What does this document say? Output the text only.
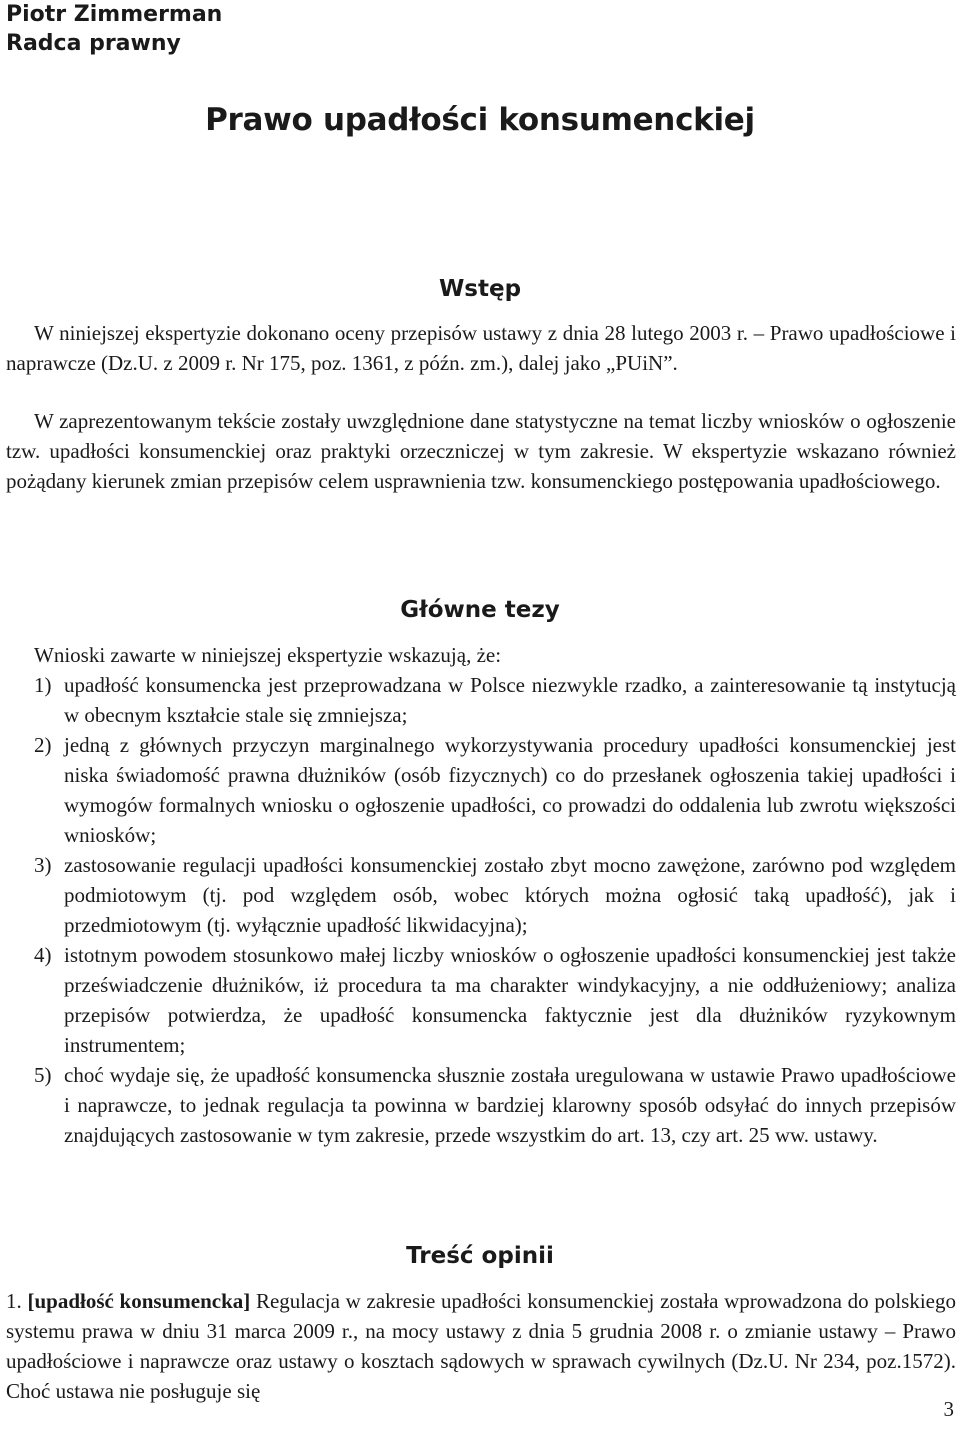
Piotr Zimmerman
Radca prawny
Prawo upadłości konsumenckiej
Wstęp

W niniejszej ekspertyzie dokonano oceny przepisów ustawy z dnia 28 lutego 2003 r. – Prawo upadłościowe i naprawcze (Dz.U. z 2009 r. Nr 175, poz. 1361, z późn. zm.), dalej jako „PUiN”.

W zaprezentowanym tekście zostały uwzględnione dane statystyczne na temat liczby wniosków o ogłoszenie tzw. upadłości konsumenckiej oraz praktyki orzeczniczej w tym zakresie. W ekspertyzie wskazano również pożądany kierunek zmian przepisów celem usprawnienia tzw. konsumenckiego postępowania upadłościowego.

Główne tezy

Wnioski zawarte w niniejszej ekspertyzie wskazują, że:

1) upadłość konsumencka jest przeprowadzana w Polsce niezwykle rzadko, a zainteresowanie tą instytucją w obecnym kształcie stale się zmniejsza;
2) jedną z głównych przyczyn marginalnego wykorzystywania procedury upadłości konsumenckiej jest niska świadomość prawna dłużników (osób fizycznych) co do przesłanek ogłoszenia takiej upadłości i wymogów formalnych wniosku o ogłoszenie upadłości, co prowadzi do oddalenia lub zwrotu większości wniosków;
3) zastosowanie regulacji upadłości konsumenckiej zostało zbyt mocno zawężone, zarówno pod względem podmiotowym (tj. pod względem osób, wobec których można ogłosić taką upadłość), jak i przedmiotowym (tj. wyłącznie upadłość likwidacyjna);
4) istotnym powodem stosunkowo małej liczby wniosków o ogłoszenie upadłości konsumenckiej jest także przeświadczenie dłużników, iż procedura ta ma charakter windykacyjny, a nie oddłużeniowy; analiza przepisów potwierdza, że upadłość konsumencka faktycznie jest dla dłużników ryzykownym instrumentem;
5) choć wydaje się, że upadłość konsumencka słusznie została uregulowana w ustawie Prawo upadłościowe i naprawcze, to jednak regulacja ta powinna w bardziej klarowny sposób odsyłać do innych przepisów znajdujących zastosowanie w tym zakresie, przede wszystkim do art. 13, czy art. 25 ww. ustawy.
Treść opinii

1. [upadłość konsumencka] Regulacja w zakresie upadłości konsumenckiej została wprowadzona do polskiego systemu prawa w dniu 31 marca 2009 r., na mocy ustawy z dnia 5 grudnia 2008 r. o zmianie ustawy – Prawo upadłościowe i naprawcze oraz ustawy o kosztach sądowych w sprawach cywilnych (Dz.U. Nr 234, poz.1572). Choć ustawa nie posługuje się

3
